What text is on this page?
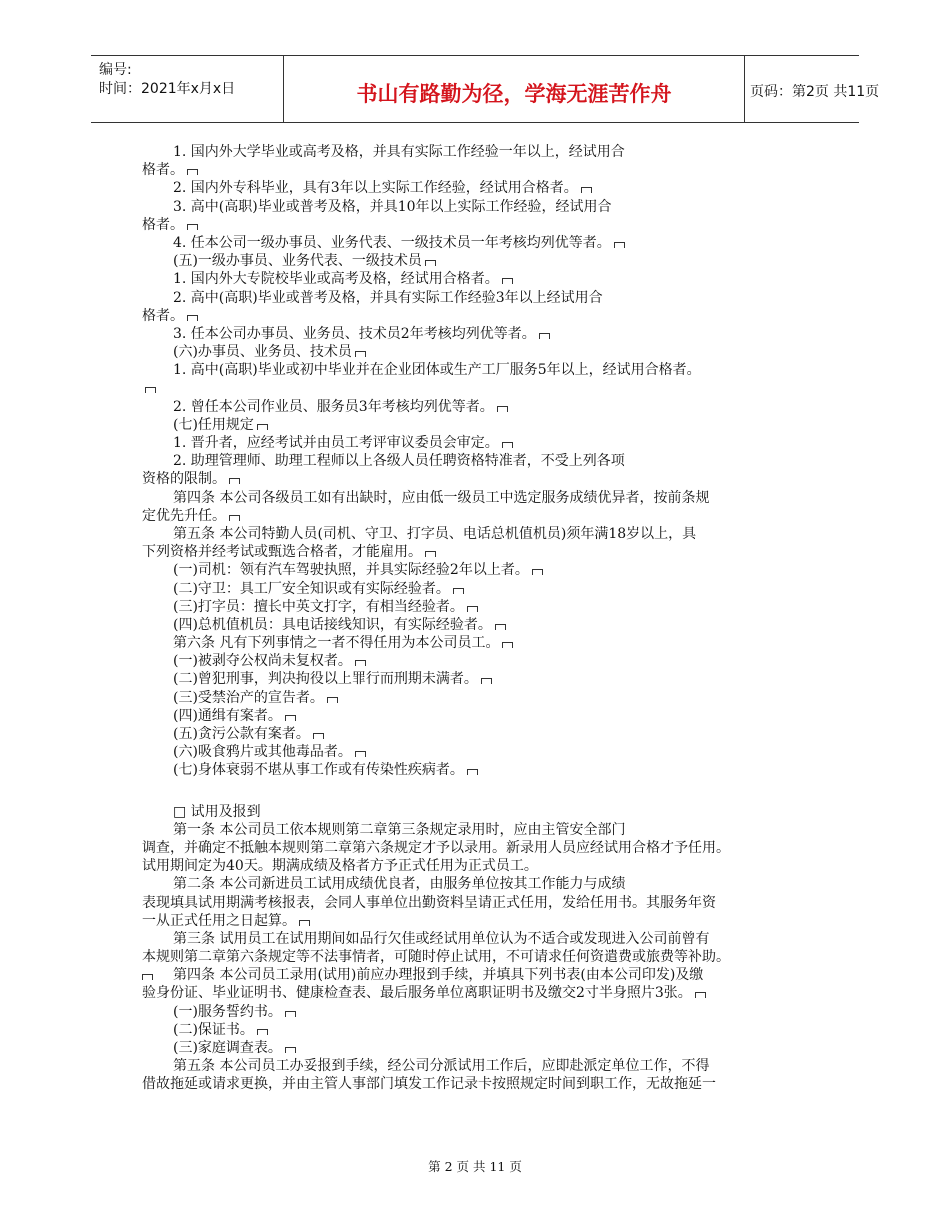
编号:
时间：2021年x月x日	书山有路勤为径，学海无涯苦作舟	页码：第2页 共11页
1. 国内外大学毕业或高考及格，并具有实际工作经验一年以上，经试用合
格者。
2. 国内外专科毕业，具有3年以上实际工作经验，经试用合格者。
3. 高中(高职)毕业或普考及格，并具10年以上实际工作经验，经试用合
格者。
4. 任本公司一级办事员、业务代表、一级技术员一年考核均列优等者。
(五)一级办事员、业务代表、一级技术员
1. 国内外大专院校毕业或高考及格，经试用合格者。
2. 高中(高职)毕业或普考及格，并具有实际工作经验3年以上经试用合
格者。
3. 任本公司办事员、业务员、技术员2年考核均列优等者。
(六)办事员、业务员、技术员
1. 高中(高职)毕业或初中毕业并在企业团体或生产工厂服务5年以上，经试用合格者。
2. 曾任本公司作业员、服务员3年考核均列优等者。
(七)任用规定
1. 晋升者，应经考试并由员工考评审议委员会审定。
2. 助理管理师、助理工程师以上各级人员任聘资格特准者，不受上列各项
资格的限制。
第四条 本公司各级员工如有出缺时，应由低一级员工中选定服务成绩优异者，按前条规
定优先升任。
第五条 本公司特勤人员(司机、守卫、打字员、电话总机值机员)须年满18岁以上，具
下列资格并经考试或甄选合格者，才能雇用。
(一)司机：领有汽车驾驶执照，并具实际经验2年以上者。
(二)守卫：具工厂安全知识或有实际经验者。
(三)打字员：擅长中英文打字，有相当经验者。
(四)总机值机员：具电话接线知识，有实际经验者。
第六条 凡有下列事情之一者不得任用为本公司员工。
(一)被剥夺公权尚未复权者。
(二)曾犯刑事，判决拘役以上罪行而刑期未满者。
(三)受禁治产的宣告者。
(四)通缉有案者。
(五)贪污公款有案者。
(六)吸食鸦片或其他毒品者。
(七)身体衰弱不堪从事工作或有传染性疾病者。
□ 试用及报到
第一条 本公司员工依本规则第二章第三条规定录用时，应由主管安全部门
调查，并确定不抵触本规则第二章第六条规定才予以录用。新录用人员应经试用合格才予任用。
试用期间定为40天。期满成绩及格者方予正式任用为正式员工。
第二条 本公司新进员工试用成绩优良者，由服务单位按其工作能力与成绩
表现填具试用期满考核报表，会同人事单位出勤资料呈请正式任用，发给任用书。其服务年资
一从正式任用之日起算。
第三条 试用员工在试用期间如品行欠佳或经试用单位认为不适合或发现进入公司前曾有
本规则第二章第六条规定等不法事情者，可随时停止试用，不可请求任何资遣费或旅费等补助。
第四条 本公司员工录用(试用)前应办理报到手续，并填具下列书表(由本公司印发)及缴
验身份证、毕业证明书、健康检查表、最后服务单位离职证明书及缴交2寸半身照片3张。
(一)服务誓约书。
(二)保证书。
(三)家庭调查表。
第五条 本公司员工办妥报到手续，经公司分派试用工作后，应即赴派定单位工作，不得
借故拖延或请求更换，并由主管人事部门填发工作记录卡按照规定时间到职工作，无故拖延一
第 2 页 共 11 页
